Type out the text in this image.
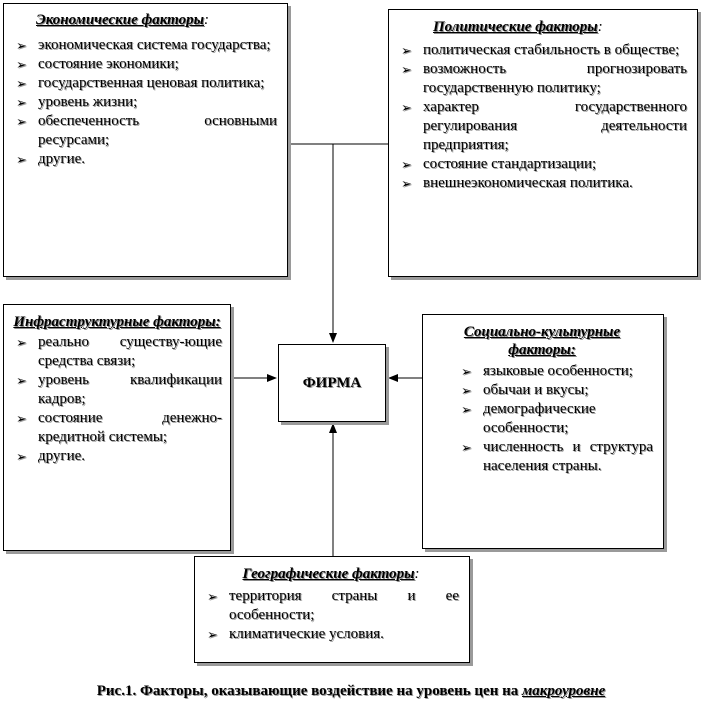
Экономические факторы:
➢ экономическая система государства;
➢ состояние экономики;
➢ государственная ценовая политика;
➢ уровень жизни;
➢ обеспеченность основными ресурсами;
➢ другие.
Политические факторы:
➢ политическая стабильность в обществе;
➢ возможность прогнозировать государственную политику;
➢ характер государственного регулирования деятельности предприятия;
➢ состояние стандартизации;
➢ внешнеэкономическая политика.
Инфраструктурные факторы:
➢ реально существу-ющие средства связи;
➢ уровень квалификации кадров;
➢ состояние денежно-кредитной системы;
➢ другие.
ФИРМА
Социально-культурные факторы:
➢ языковые особенности;
➢ обычаи и вкусы;
➢ демографические особенности;
➢ численность и структура населения страны.
Географические факторы:
➢ территория страны и ее особенности;
➢ климатические условия.
Рис.1. Факторы, оказывающие воздействие на уровень цен на макроуровне
